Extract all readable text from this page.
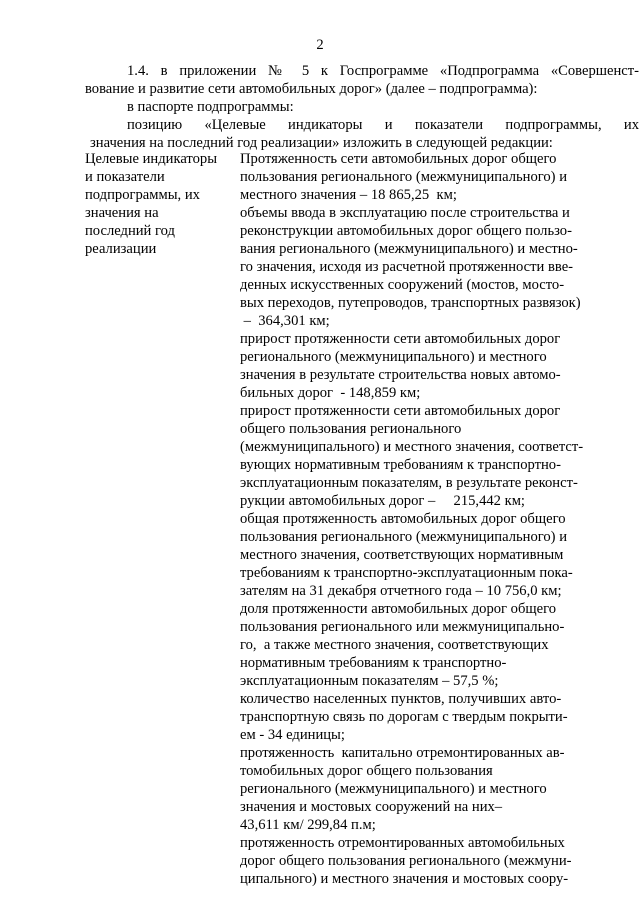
2
1.4. в приложении № 5 к Госпрограмме «Подпрограмма «Совершенст-
вование и развитие сети автомобильных дорог» (далее – подпрограмма):
в паспорте подпрограммы:
позицию «Целевые индикаторы и показатели подпрограммы, их
значения на последний год реализации» изложить в следующей редакции:
Целевые индикаторы
и показатели
подпрограммы, их
значения на
последний год
реализации
Протяженность сети автомобильных дорог общего
пользования регионального (межмуниципального) и
местного значения – 18 865,25  км;
объемы ввода в эксплуатацию после строительства и
реконструкции автомобильных дорог общего пользо-
вания регионального (межмуниципального) и местно-
го значения, исходя из расчетной протяженности вве-
денных искусственных сооружений (мостов, мосто-
вых переходов, путепроводов, транспортных развязок)
–  364,301 км;
прирост протяженности сети автомобильных дорог
регионального (межмуниципального) и местного
значения в результате строительства новых автомо-
бильных дорог  - 148,859 км;
прирост протяженности сети автомобильных дорог
общего пользования регионального
(межмуниципального) и местного значения, соответст-
вующих нормативным требованиям к транспортно-
эксплуатационным показателям, в результате реконст-
рукции автомобильных дорог –     215,442 км;
общая протяженность автомобильных дорог общего
пользования регионального (межмуниципального) и
местного значения, соответствующих нормативным
требованиям к транспортно-эксплуатационным пока-
зателям на 31 декабря отчетного года – 10 756,0 км;
доля протяженности автомобильных дорог общего
пользования регионального или межмуниципально-
го,  а также местного значения, соответствующих
нормативным требованиям к транспортно-
эксплуатационным показателям – 57,5 %;
количество населенных пунктов, получивших авто-
транспортную связь по дорогам с твердым покрыти-
ем - 34 единицы;
протяженность  капитально отремонтированных ав-
томобильных дорог общего пользования
регионального (межмуниципального) и местного
значения и мостовых сооружений на них–
43,611 км/ 299,84 п.м;
протяженность отремонтированных автомобильных
дорог общего пользования регионального (межмуни-
ципального) и местного значения и мостовых соору-
